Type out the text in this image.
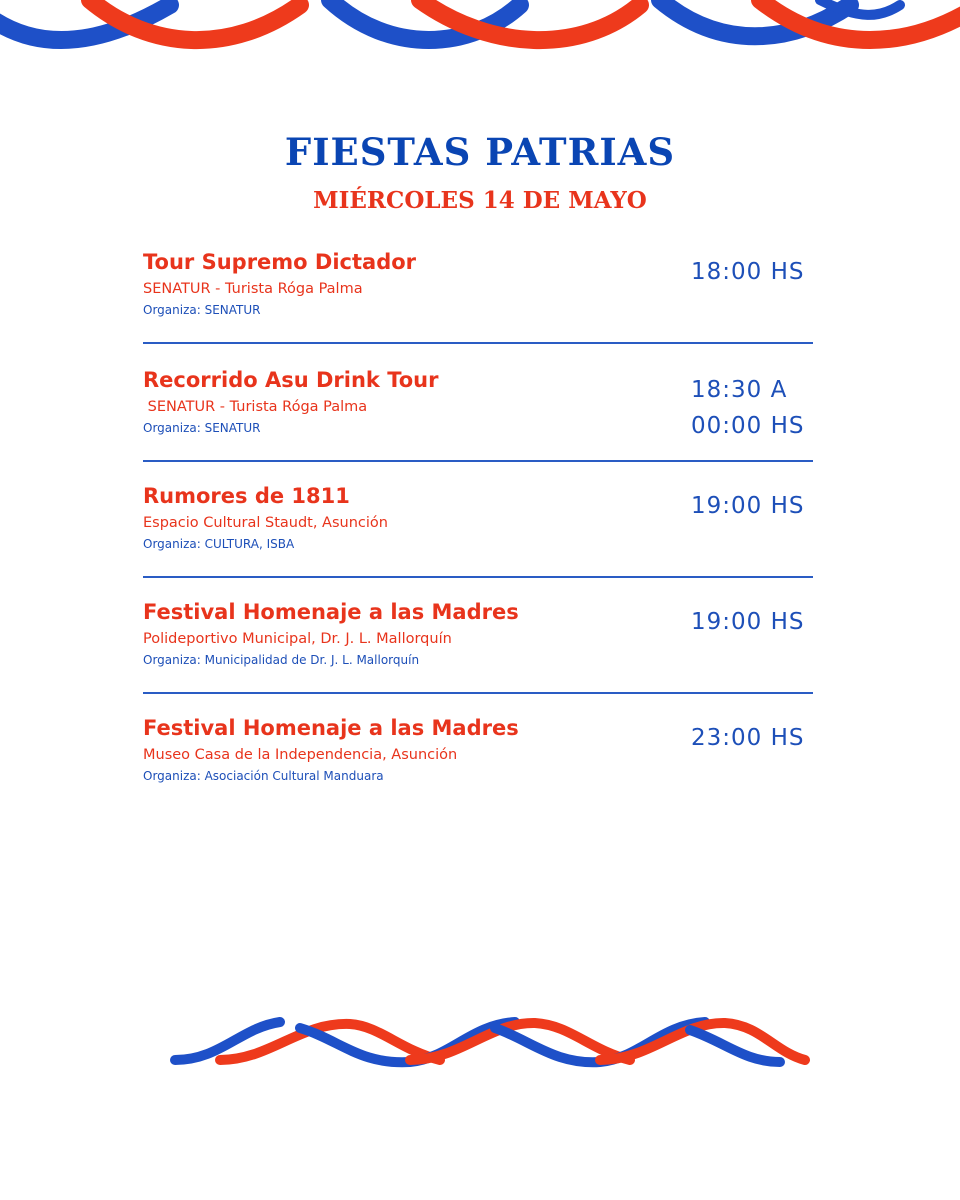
FIESTAS PATRIAS
MIÉRCOLES 14 DE MAYO
Tour Supremo Dictador
SENATUR - Turista Róga Palma
Organiza: SENATUR
18:00 HS
Recorrido Asu Drink Tour
SENATUR - Turista Róga Palma
Organiza: SENATUR
18:30 A
00:00 HS
Rumores de 1811
Espacio Cultural Staudt, Asunción
Organiza: CULTURA, ISBA
19:00 HS
Festival Homenaje a las Madres
Polideportivo Municipal, Dr. J. L. Mallorquín
Organiza: Municipalidad de Dr. J. L. Mallorquín
19:00 HS
Festival Homenaje a las Madres
Museo Casa de la Independencia, Asunción
Organiza: Asociación Cultural Manduara
23:00 HS
